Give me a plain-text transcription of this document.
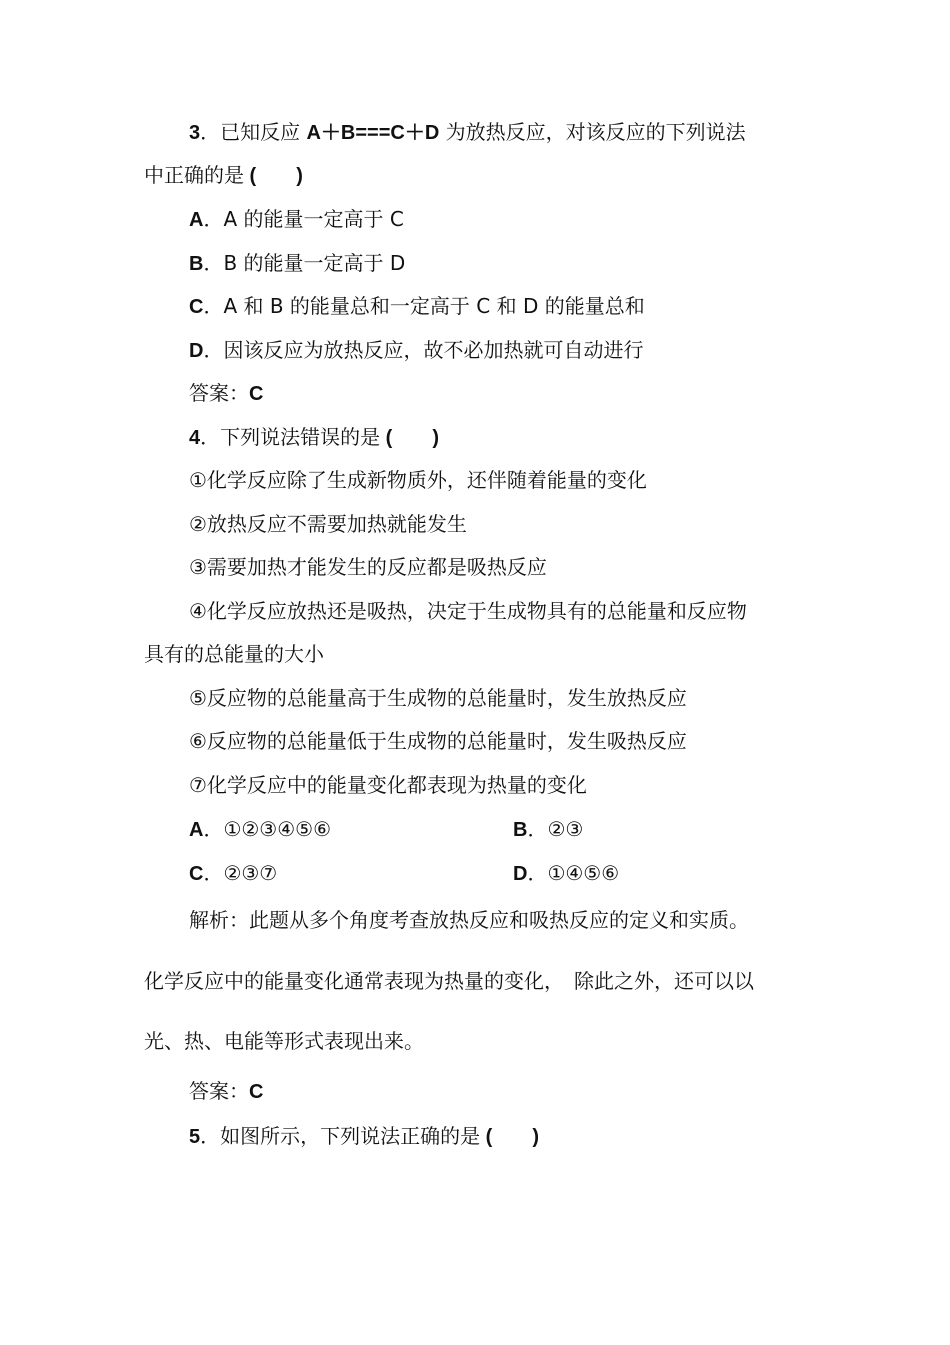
3．已知反应 A＋B===C＋D 为放热反应，对该反应的下列说法

中正确的是 (　　)

A．A 的能量一定高于 C

B．B 的能量一定高于 D

C．A 和 B 的能量总和一定高于 C 和 D 的能量总和

D．因该反应为放热反应，故不必加热就可自动进行

答案：C

4．下列说法错误的是 (　　)

①化学反应除了生成新物质外，还伴随着能量的变化

②放热反应不需要加热就能发生

③需要加热才能发生的反应都是吸热反应

④化学反应放热还是吸热，决定于生成物具有的总能量和反应物

具有的总能量的大小

⑤反应物的总能量高于生成物的总能量时，发生放热反应

⑥反应物的总能量低于生成物的总能量时，发生吸热反应

⑦化学反应中的能量变化都表现为热量的变化

A．①②③④⑤⑥	B．②③

C．②③⑦	D．①④⑤⑥

解析：此题从多个角度考查放热反应和吸热反应的定义和实质。

化学反应中的能量变化通常表现为热量的变化，　除此之外，还可以以

光、热、电能等形式表现出来。

答案：C

5．如图所示，下列说法正确的是 (　　)
